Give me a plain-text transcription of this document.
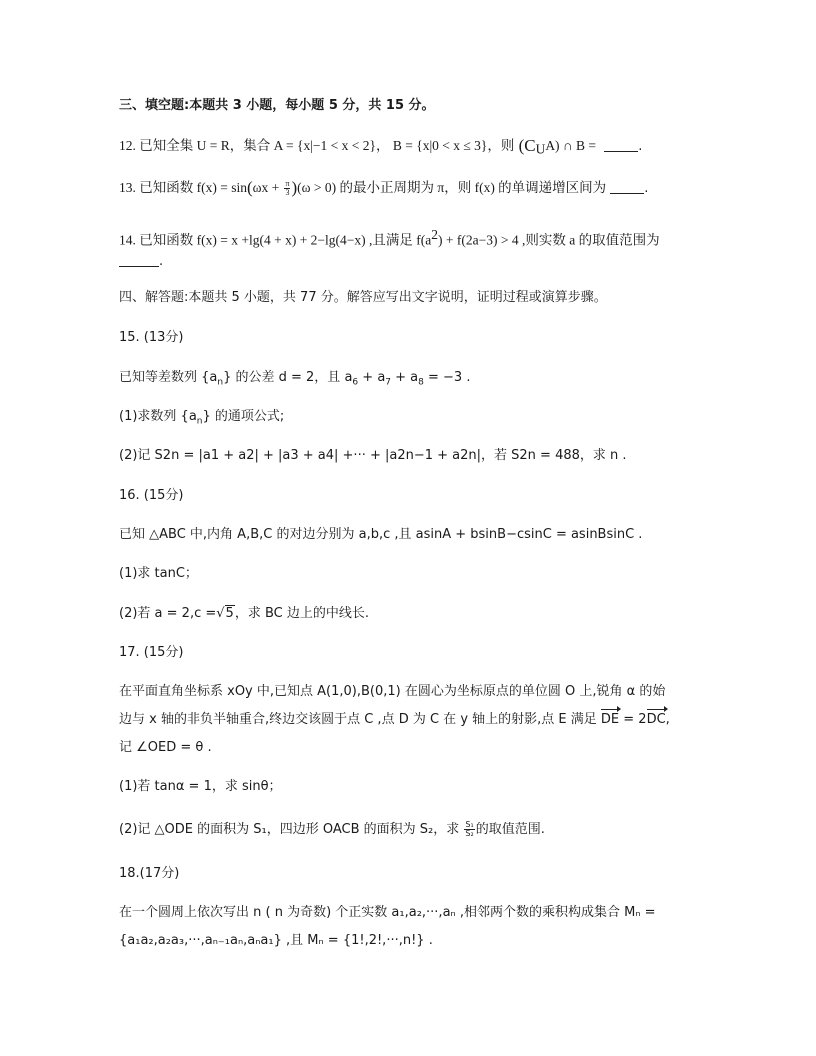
三、填空题:本题共 3 小题，每小题 5 分，共 15 分。
12. 已知全集 U = R，集合 A = {x|−1 < x < 2}， B = {x|0 < x ≤ 3}，则 $(C_UA)$ ∩ B =	.
13. 已知函数 $f(x) = \sin(\omega x + \frac{\pi}{3} )(\omega > 0)$ 的最小正周期为 π，则 f(x) 的单调递增区间为	.
14. 已知函数 f(x) = x +lg(4 + x) + 2−lg(4−x) ,且满足 $f(a^2) + f(2a-3) > 4$ ,则实数 a 的取值范围为
.
四、解答题:本题共 5 小题，共 77 分。解答应写出文字说明，证明过程或演算步骤。
15. (13分)
已知等差数列 $\{a_n\}$ 的公差 d = 2，且 $a_6 + a_7 + a_8 = -3$ .
(1)求数列 $\{a_n\}$ 的通项公式;
(2)记 S2n = |a1 + a2| + |a3 + a4| +··· + |a2n−1 + a2n|，若 S2n = 488，求 n .
16. (15分)
已知 △ABC 中,内角 A,B,C 的对边分别为 a,b,c ,且 asinA + bsinB−csinC = asinBsinC .
(1)求 tanC；
(2)若 a = 2,c =√5，求 BC 边上的中线长.
17. (15分)
在平面直角坐标系 xOy 中,已知点 A(1,0),B(0,1) 在圆心为坐标原点的单位圆 O 上,锐角 α 的始
边与 x 轴的非负半轴重合,终边交该圆于点 C ,点 D 为 C 在 y 轴上的射影,点 E 满足 DE = 2DC,
记 ∠OED = θ .
(1)若 tanα = 1，求 sinθ；
(2)记 △ODE 的面积为 S₁，四边形 OACB 的面积为 S₂，求 $\frac{\text{S₁}}{\text{S₂}}$ 的取值范围.
18.(17分)
在一个圆周上依次写出 n ( n 为奇数) 个正实数 a₁,a₂,···,aₙ ,相邻两个数的乘积构成集合 Mₙ =
{a₁a₂,a₂a₃,···,aₙ₋₁aₙ,aₙa₁} ,且 Mₙ = {1!,2!,···,n!} .
